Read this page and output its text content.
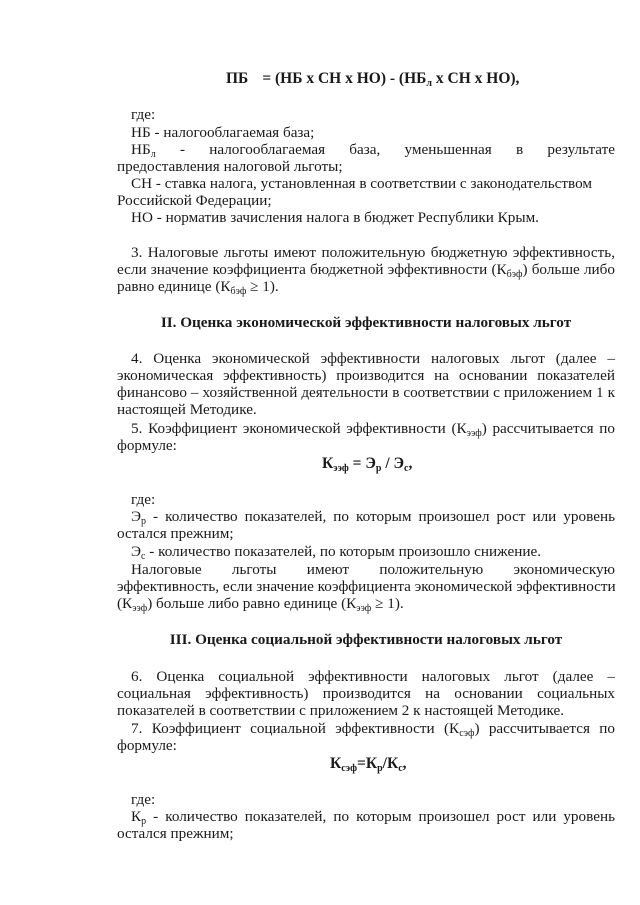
ПБ = (НБ х СН х $НО) - (НБ_л$ х СН х НО),
где:
НБ - налогооблагаемая база;
$НБ_л$ - налогооблагаемая база, уменьшенная в результате
предоставления налоговой льготы;
СН - ставка налога, установленная в соответствии с законодательством
Российской Федерации;
НО - норматив зачисления налога в бюджет Республики Крым.
3. Налоговые льготы имеют положительную бюджетную эффективность,
если значение коэффициента бюджетной эффективности $(К_{бэф})$ больше либо
равно единице $(К_{бэф} \ge 1)$.
II. Оценка экономической эффективности налоговых льгот
4. Оценка экономической эффективности налоговых льгот (далее –
экономическая эффективность) производится на основании показателей
финансово – хозяйственной деятельности в соответствии с приложением 1 к
настоящей Методике.
5. Коэффициент экономической эффективности $(К_{ээф})$ рассчитывается по
формуле:
$К_{ээф} = Э_р / Э_с$,
где:
$Э_р$ - количество показателей, по которым произошел рост или уровень
остался прежним;
$Э_с$ - количество показателей, по которым произошло снижение.
Налоговые льготы имеют положительную экономическую
эффективность, если значение коэффициента экономической эффективности
$(К_{ээф})$ больше либо равно единице $(К_{ээф} \ge 1)$.
III. Оценка социальной эффективности налоговых льгот
6. Оценка социальной эффективности налоговых льгот (далее –
социальная эффективность) производится на основании социальных
показателей в соответствии с приложением 2 к настоящей Методике.
7. Коэффициент социальной эффективности $(К_{сэф})$ рассчитывается по
формуле:
$К_{сэф}=К_р/К_с$,
где:
$К_р$ - количество показателей, по которым произошел рост или уровень
остался прежним;
